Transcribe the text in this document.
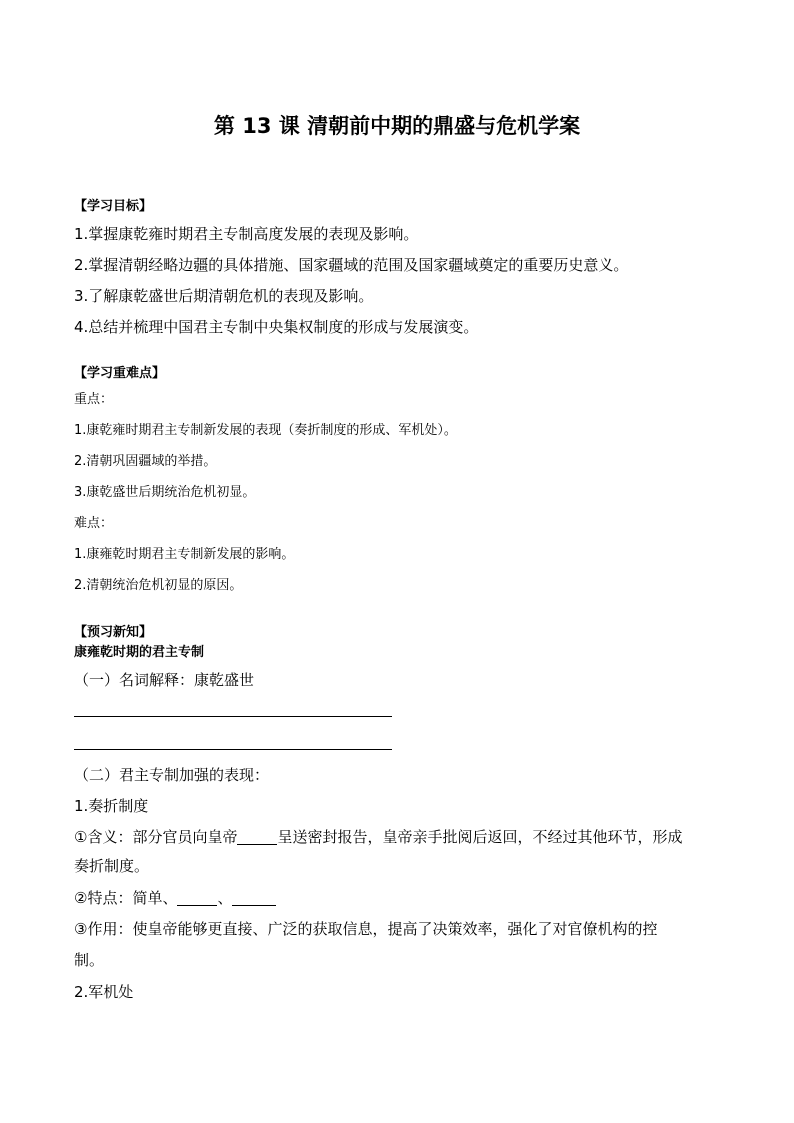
第 13 课 清朝前中期的鼎盛与危机学案
【学习目标】
1.掌握康乾雍时期君主专制高度发展的表现及影响。
2.掌握清朝经略边疆的具体措施、国家疆域的范围及国家疆域奠定的重要历史意义。
3.了解康乾盛世后期清朝危机的表现及影响。
4.总结并梳理中国君主专制中央集权制度的形成与发展演变。
【学习重难点】
重点：
1.康乾雍时期君主专制新发展的表现（奏折制度的形成、军机处）。
2.清朝巩固疆域的举措。
3.康乾盛世后期统治危机初显。
难点：
1.康雍乾时期君主专制新发展的影响。
2.清朝统治危机初显的原因。
【预习新知】
康雍乾时期的君主专制
（一）名词解释：康乾盛世
（二）君主专制加强的表现：
1.奏折制度
①含义：部分官员向皇帝	呈送密封报告，皇帝亲手批阅后返回，不经过其他环节，形成
奏折制度。
②特点：简单、	、
③作用：使皇帝能够更直接、广泛的获取信息，提高了决策效率，强化了对官僚机构的控
制。
2.军机处
